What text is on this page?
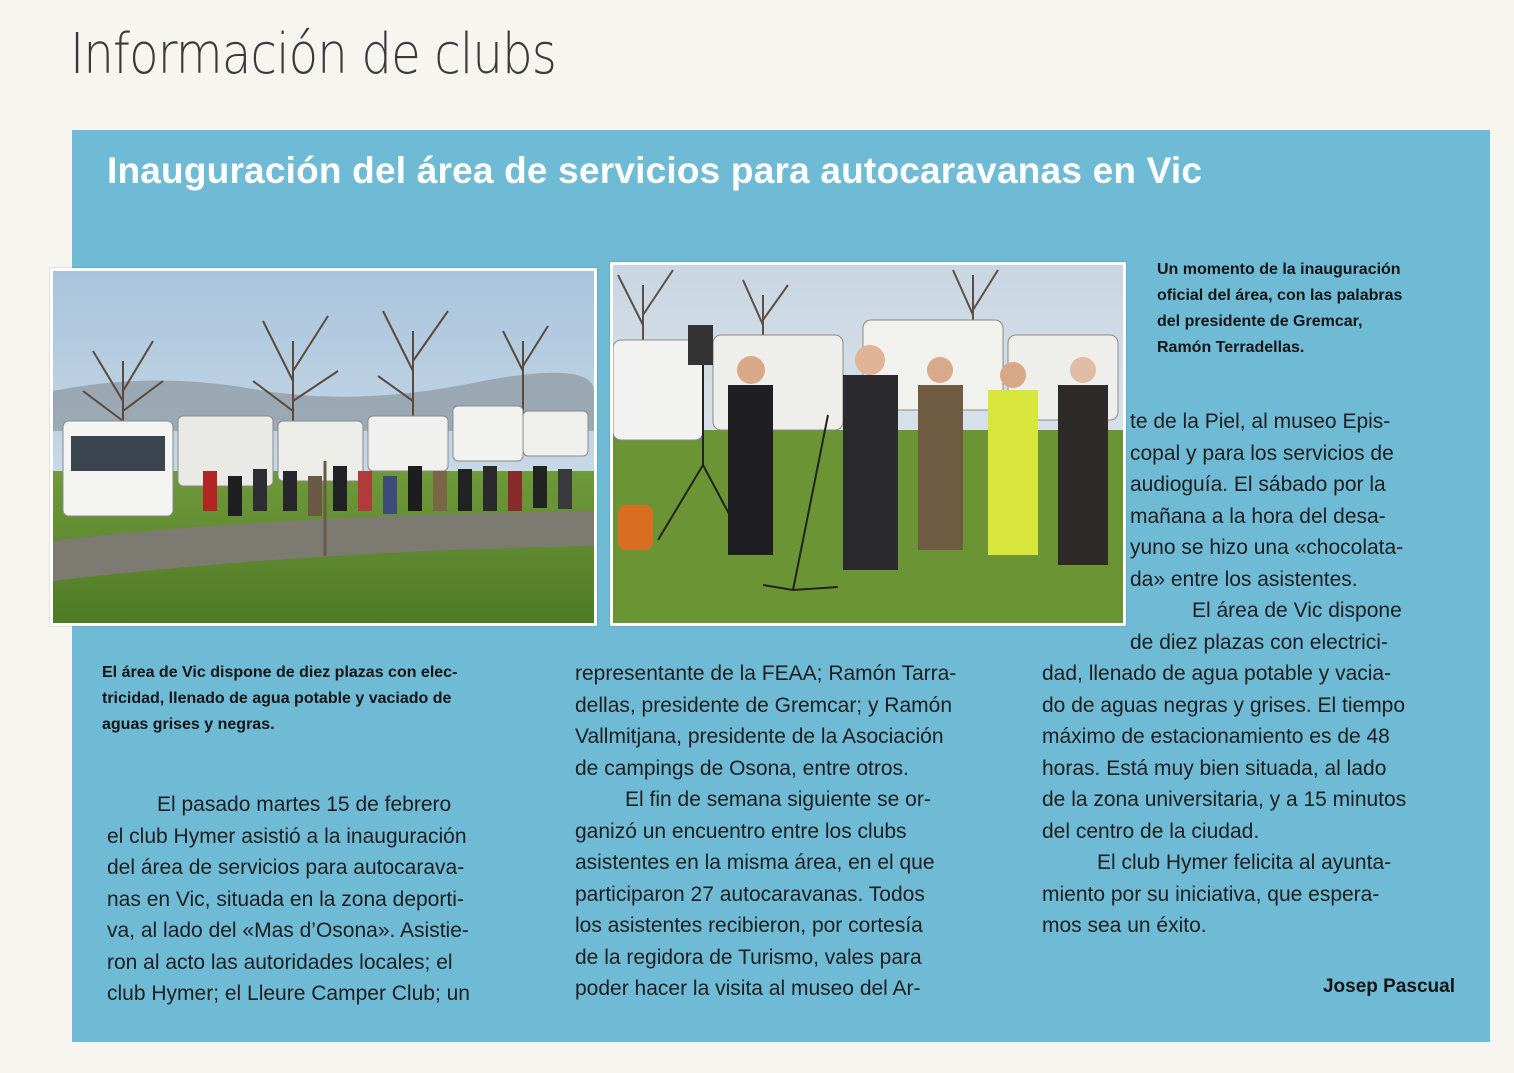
Información de clubs
Inauguración del área de servicios para autocaravanas en Vic

El área de Vic dispone de diez plazas con elec-

tricidad, llenado de agua potable y vaciado de

aguas grises y negras.

Un momento de la inauguración

oficial del área, con las palabras

del presidente de Gremcar,

Ramón Terradellas.

El pasado martes 15 de febrero

el club Hymer asistió a la inauguración

del área de servicios para autocarava-

nas en Vic, situada en la zona deporti-

va, al lado del «Mas d’Osona». Asistie-

ron al acto las autoridades locales; el

club Hymer; el Lleure Camper Club; un

representante de la FEAA; Ramón Tarra-

dellas, presidente de Gremcar; y Ramón

Vallmitjana, presidente de la Asociación

de campings de Osona, entre otros.

El fin de semana siguiente se or-

ganizó un encuentro entre los clubs

asistentes en la misma área, en el que

participaron 27 autocaravanas. Todos

los asistentes recibieron, por cortesía

de la regidora de Turismo, vales para

poder hacer la visita al museo del Ar-

te de la Piel, al museo Epis-

copal y para los servicios de

audioguía. El sábado por la

mañana a la hora del desa-

yuno se hizo una «chocolata-

da» entre los asistentes.

El área de Vic dispone

de diez plazas con electrici-

dad, llenado de agua potable y vacia-

do de aguas negras y grises. El tiempo

máximo de estacionamiento es de 48

horas. Está muy bien situada, al lado

de la zona universitaria, y a 15 minutos

del centro de la ciudad.

El club Hymer felicita al ayunta-

miento por su iniciativa, que espera-

mos sea un éxito.

Josep Pascual
